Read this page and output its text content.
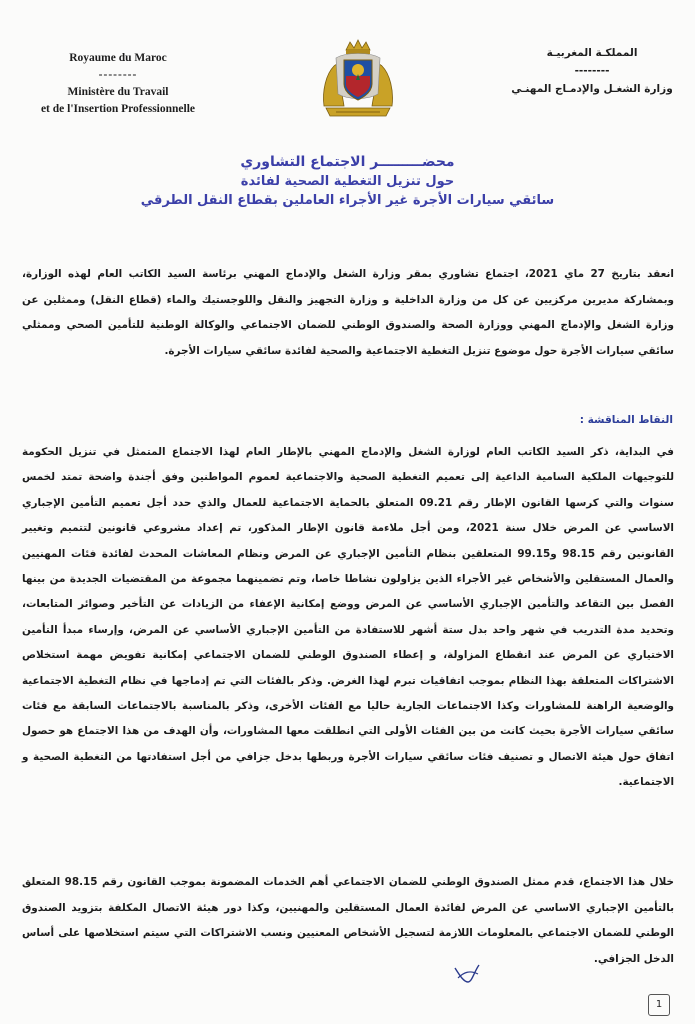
Royaume du Maroc
--------
Ministère du Travail
et de l'Insertion Professionnelle
المملكـة المغربيـة
--------
وزارة الشغـل والإدمـاج المهنـي
محضـــــــــر الاجتماع التشاوري
حول تنزيل التغطية الصحية لفائدة
سائقي سيارات الأجرة غير الأجراء العاملين بقطاع النقل الطرقي

انعقد بتاريخ 27 ماي 2021، اجتماع تشاوري بمقر وزارة الشغل والإدماج المهني برئاسة السيد الكاتب العام لهذه الوزارة، وبمشاركة مديرين مركزيين عن كل من وزارة الداخلية و وزارة التجهيز والنقل واللوجستيك والماء (قطاع النقل) وممثلين عن وزارة الشغل والإدماج المهني ووزارة الصحة والصندوق الوطني للضمان الاجتماعي والوكالة الوطنية للتأمين الصحي وممثلي سائقي سيارات الأجرة حول موضوع تنزيل التغطية الاجتماعية والصحية لفائدة سائقي سيارات الأجرة.

النقاط المناقشة :

في البداية، ذكر السيد الكاتب العام لوزارة الشغل والإدماج المهني بالإطار العام لهذا الاجتماع المتمثل في تنزيل الحكومة للتوجيهات الملكية السامية الداعية إلى تعميم التغطية الصحية والاجتماعية لعموم المواطنين وفق أجندة واضحة تمتد لخمس سنوات والتي كرسها القانون الإطار رقم 09.21 المتعلق بالحماية الاجتماعية للعمال والذي حدد أجل تعميم التأمين الإجباري الاساسي عن المرض خلال سنة 2021، ومن أجل ملاءمة قانون الإطار المذكور، تم إعداد مشروعي قانونين لتتميم وتغيير القانونين رقم 98.15 و99.15 المتعلقين بنظام التأمين الإجباري عن المرض ونظام المعاشات المحدث لفائدة فئات المهنيين والعمال المستقلين والأشخاص غير الأجراء الذين يزاولون نشاطا خاصا، وتم تضمينهما مجموعة من المقتضيات الجديدة من بينها الفصل بين التقاعد والتأمين الإجباري الأساسي عن المرض ووضع إمكانية الإعفاء من الزيادات عن التأخير وصوائر المتابعات، وتحديد مدة التدريب في شهر واحد بدل ستة أشهر للاستفادة من التأمين الإجباري الأساسي عن المرض، وإرساء مبدأ التأمين الاختياري عن المرض عند انقطاع المزاولة، و إعطاء الصندوق الوطني للضمان الاجتماعي إمكانية تفويض مهمة استخلاص الاشتراكات المتعلقة بهذا النظام بموجب اتفاقيات تبرم لهذا الغرض. وذكر بالفئات التي تم إدماجها في نظام التغطية الاجتماعية والوضعية الراهنة للمشاورات وكذا الاجتماعات الجارية حاليا مع الفئات الأخرى، وذكر بالمناسبة بالاجتماعات السابقة مع فئات سائقي سيارات الأجرة بحيث كانت من بين الفئات الأولى التي انطلقت معها المشاورات، وأن الهدف من هذا الاجتماع هو حصول اتفاق حول هيئة الاتصال و تصنيف فئات سائقي سيارات الأجرة وربطها بدخل جزافي من أجل استفادتها من التغطية الصحية و الاجتماعية.

خلال هذا الاجتماع، قدم ممثل الصندوق الوطني للضمان الاجتماعي أهم الخدمات المضمونة بموجب القانون رقم 98.15 المتعلق بالتأمين الإجباري الاساسي عن المرض لفائدة العمال المستقلين والمهنيين، وكذا دور هيئة الاتصال المكلفة بتزويد الصندوق الوطني للضمان الاجتماعي بالمعلومات اللازمة لتسجيل الأشخاص المعنيين ونسب الاشتراكات التي سيتم استخلاصها على أساس الدخل الجزافي.

1
